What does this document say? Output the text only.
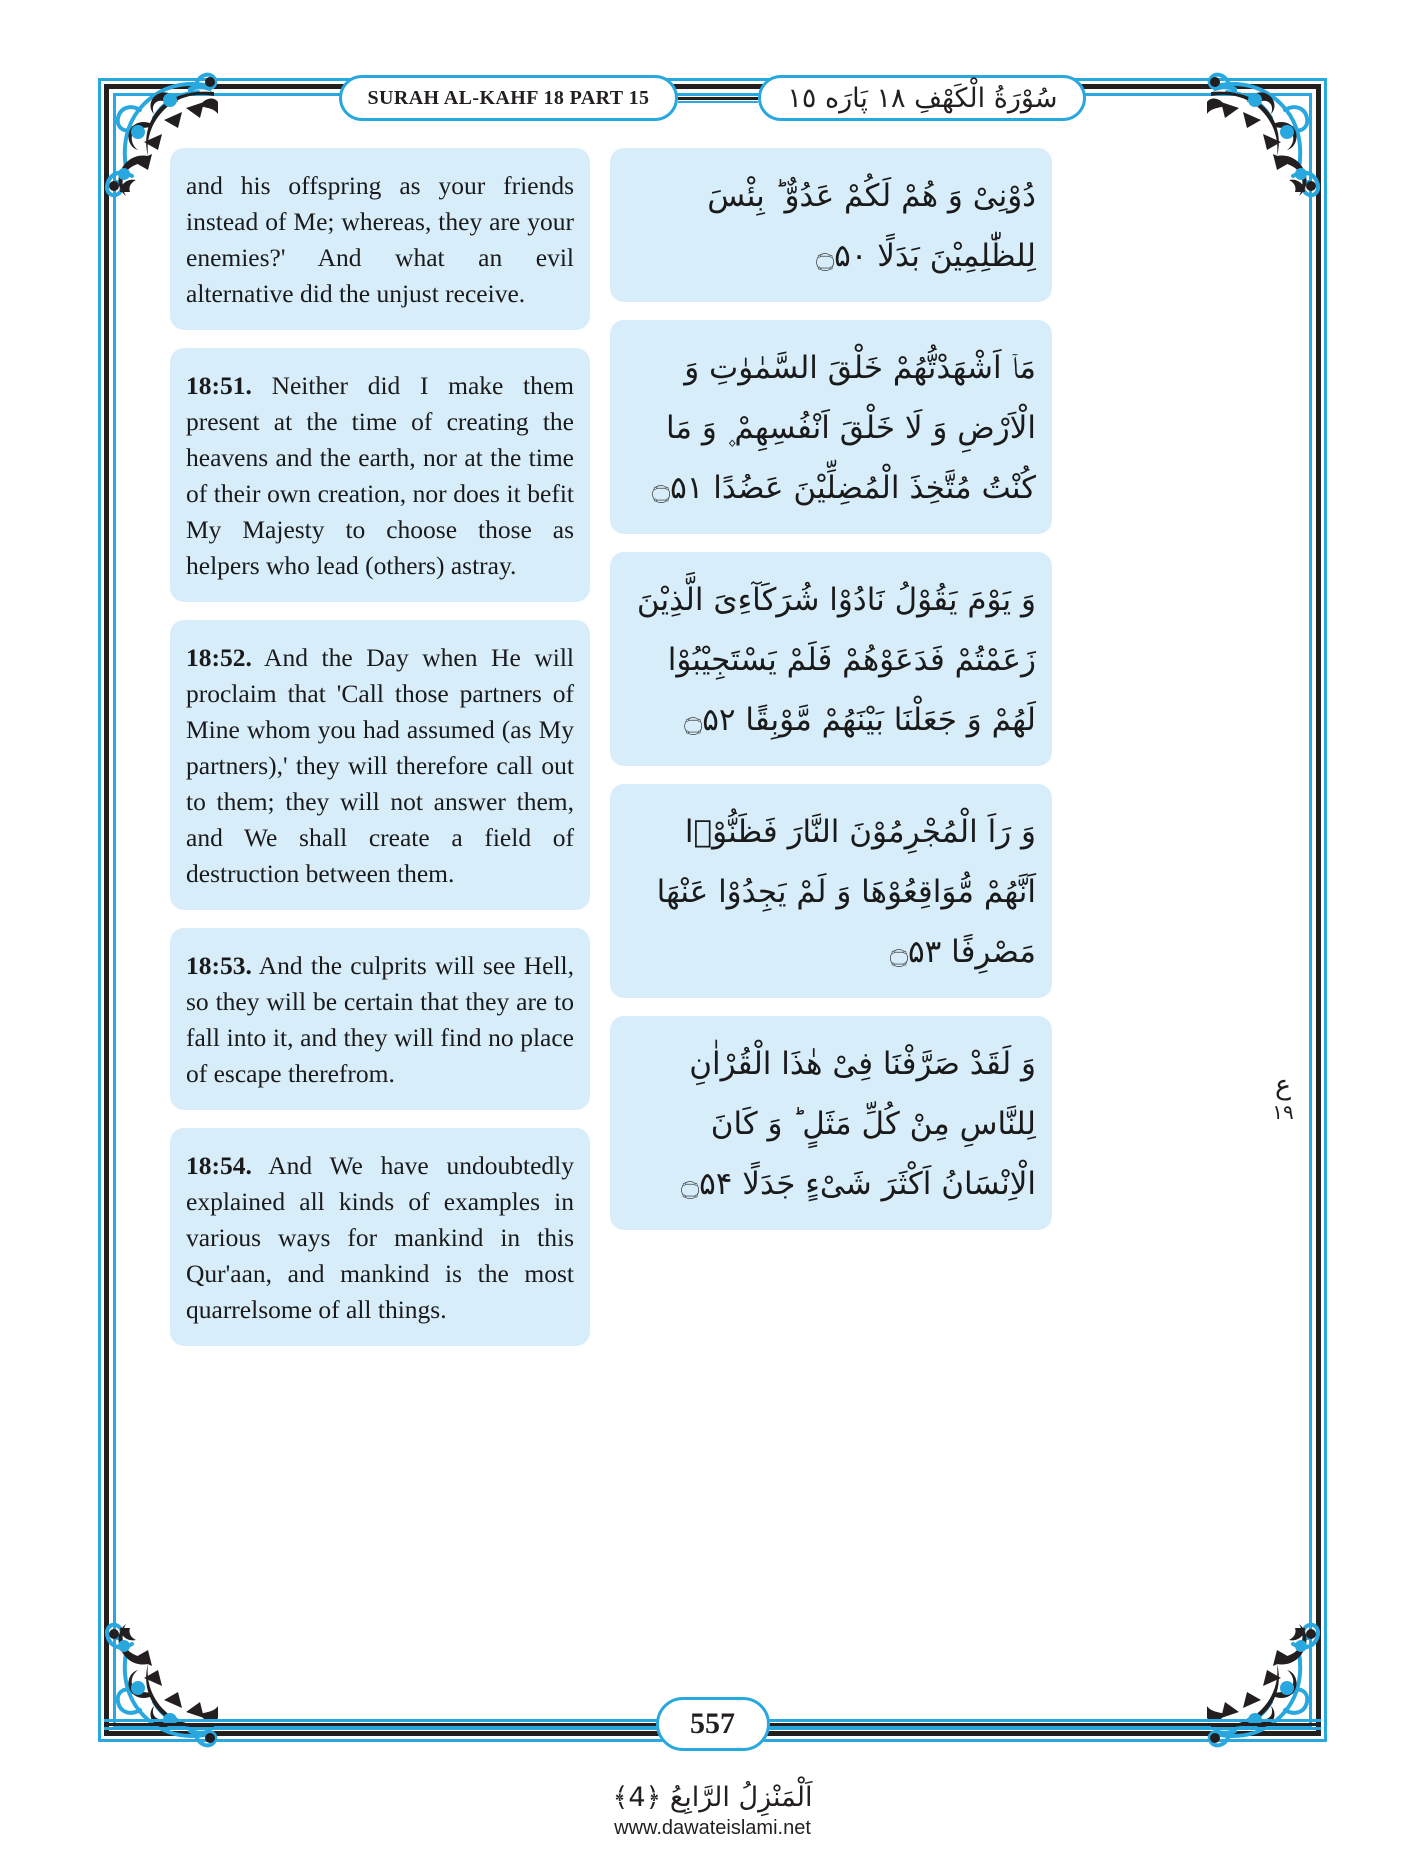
SURAH AL-KAHF 18 PART 15	سُوْرَةُ الْكَهْفِ ١٨ پَارَه ١٥
and his offspring as your friends instead of Me; whereas, they are your enemies?' And what an evil alternative did the unjust receive.
18:51. Neither did I make them present at the time of creating the heavens and the earth, nor at the time of their own creation, nor does it befit My Majesty to choose those as helpers who lead (others) astray.
18:52. And the Day when He will proclaim that 'Call those partners of Mine whom you had assumed (as My partners),' they will therefore call out to them; they will not answer them, and We shall create a field of destruction between them.
18:53. And the culprits will see Hell, so they will be certain that they are to fall into it, and they will find no place of escape therefrom.
18:54. And We have undoubtedly explained all kinds of examples in various ways for mankind in this Qur'aan, and mankind is the most quarrelsome of all things.
دُوْنِیْ وَ هُمْ لَكُمْ عَدُوٌّ ؕ بِئْسَ لِلظّٰلِمِیْنَ بَدَلًا ۝۵۰
مَاۤ اَشْهَدْتُّهُمْ خَلْقَ السَّمٰوٰتِ وَ الْاَرْضِ وَ لَا خَلْقَ اَنْفُسِهِمْ ۪ وَ مَا كُنْتُ مُتَّخِذَ الْمُضِلِّیْنَ عَضُدًا ۝۵۱
وَ یَوْمَ یَقُوْلُ نَادُوْا شُرَكَآءِیَ الَّذِیْنَ زَعَمْتُمْ فَدَعَوْهُمْ فَلَمْ یَسْتَجِیْبُوْا لَهُمْ وَ جَعَلْنَا بَیْنَهُمْ مَّوْبِقًا ۝۵۲
وَ رَاَ الْمُجْرِمُوْنَ النَّارَ فَظَنُّوْۤا اَنَّهُمْ مُّوَاقِعُوْهَا وَ لَمْ یَجِدُوْا عَنْهَا مَصْرِفًا ۝۵۳
وَ لَقَدْ صَرَّفْنَا فِیْ هٰذَا الْقُرْاٰنِ لِلنَّاسِ مِنْ كُلِّ مَثَلٍ ؕ وَ كَانَ الْاِنْسَانُ اَكْثَرَ شَیْءٍ جَدَلًا ۝۵۴
ع
١٩
557
اَلْمَنْزِلُ الرَّابِعُ ﴿4﴾
www.dawateislami.net
